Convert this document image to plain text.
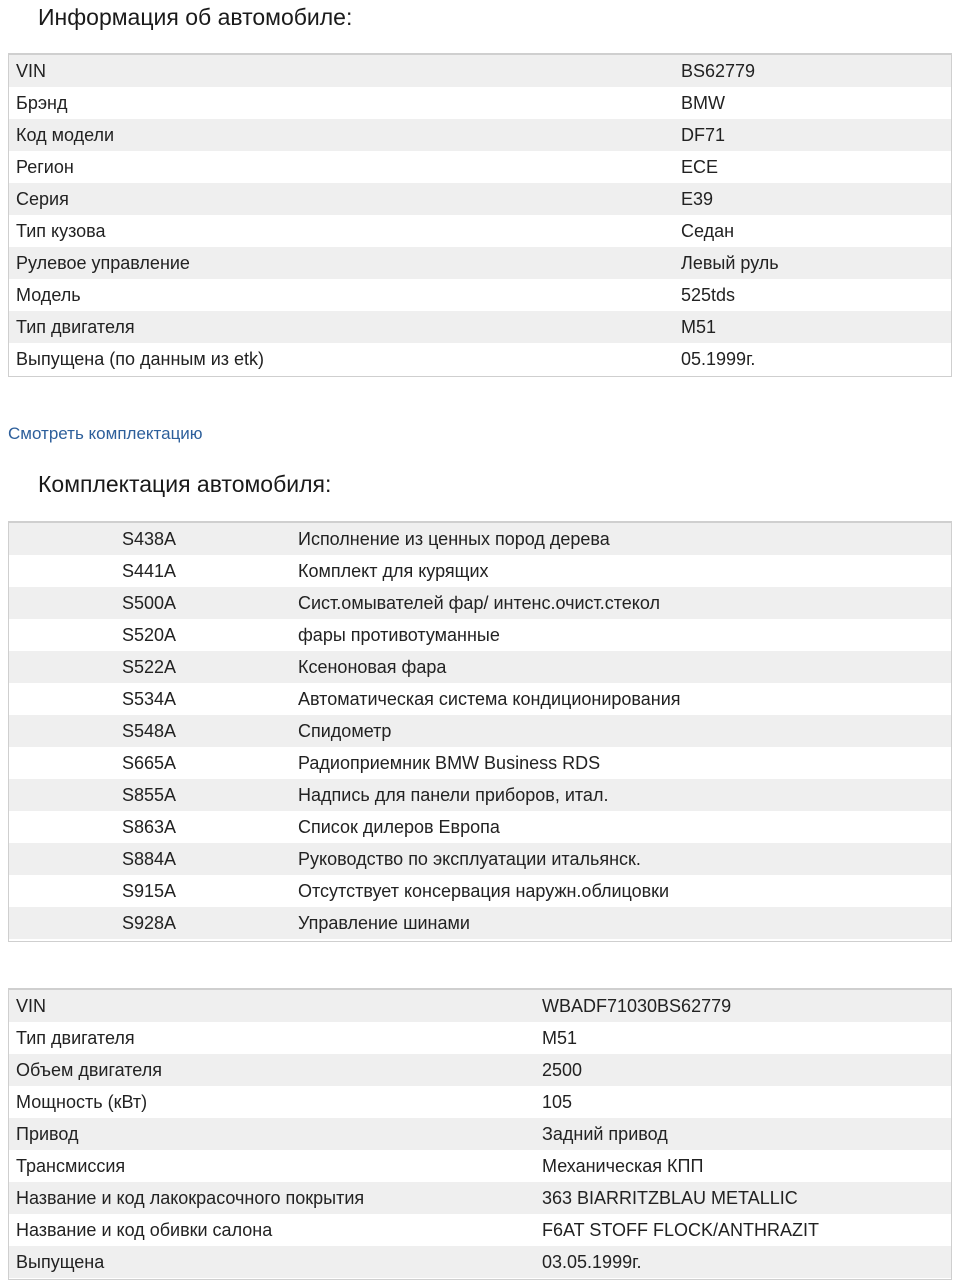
Информация об автомобиле:
VIN	BS62779
Брэнд	BMW
Код модели	DF71
Регион	ECE
Серия	E39
Тип кузова	Седан
Рулевое управление	Левый руль
Модель	525tds
Тип двигателя	M51
Выпущена (по данным из etk)	05.1999г.
Смотреть комплектацию
Комплектация автомобиля:
S438A	Исполнение из ценных пород дерева
S441A	Комплект для курящих
S500A	Сист.омывателей фар/ интенс.очист.стекол
S520A	фары противотуманные
S522A	Ксеноновая фара
S534A	Автоматическая система кондиционирования
S548A	Спидометр
S665A	Радиоприемник BMW Business RDS
S855A	Надпись для панели приборов, итал.
S863A	Список дилеров Европа
S884A	Руководство по эксплуатации итальянск.
S915A	Отсутствует консервация наружн.облицовки
S928A	Управление шинами
VIN	WBADF71030BS62779
Тип двигателя	M51
Объем двигателя	2500
Мощность (кВт)	105
Привод	Задний привод
Трансмиссия	Механическая КПП
Название и код лакокрасочного покрытия	363 BIARRITZBLAU METALLIC
Название и код обивки салона	F6AT STOFF FLOCK/ANTHRAZIT
Выпущена	03.05.1999г.
